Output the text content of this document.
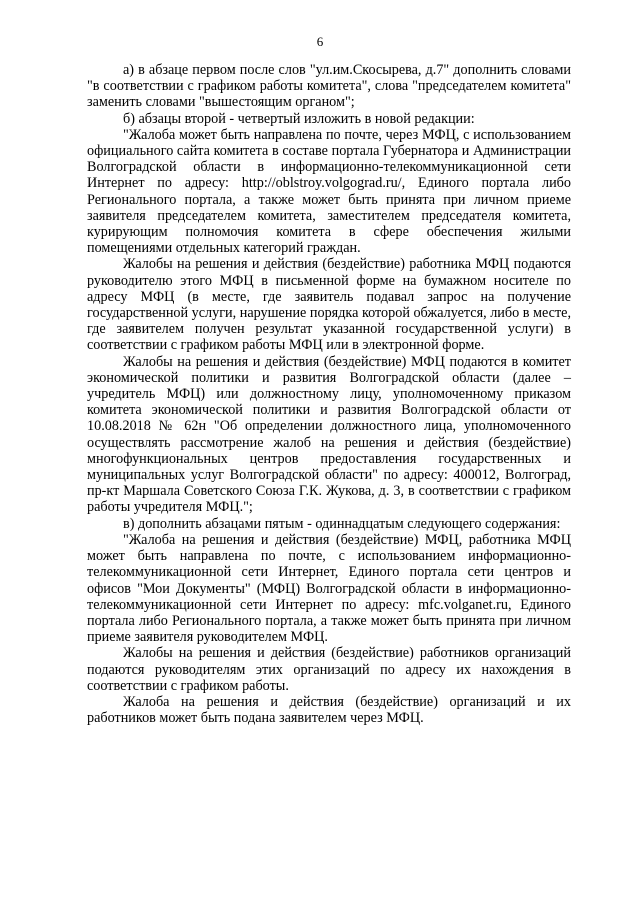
6

а) в абзаце первом после слов "ул.им.Скосырева, д.7" дополнить словами "в соответствии с графиком работы комитета", слова "председателем комитета" заменить словами "вышестоящим органом";

б) абзацы второй - четвертый изложить в новой редакции:

"Жалоба может быть направлена по почте, через МФЦ, с использованием официального сайта комитета в составе портала Губернатора и Администрации Волгоградской области в информационно-телекоммуникационной сети Интернет по адресу: http://oblstroy.volgograd.ru/, Единого портала либо Регионального портала, а также может быть принята при личном приеме заявителя председателем комитета, заместителем председателя комитета, курирующим полномочия комитета в сфере обеспечения жилыми помещениями отдельных категорий граждан.

Жалобы на решения и действия (бездействие) работника МФЦ подаются руководителю этого МФЦ в письменной форме на бумажном носителе по адресу МФЦ (в месте, где заявитель подавал запрос на получение государственной услуги, нарушение порядка которой обжалуется, либо в месте, где заявителем получен результат указанной государственной услуги) в соответствии с графиком работы МФЦ или в электронной форме.

Жалобы на решения и действия (бездействие) МФЦ подаются в комитет экономической политики и развития Волгоградской области (далее – учредитель МФЦ) или должностному лицу, уполномоченному приказом комитета экономической политики и развития Волгоградской области от 10.08.2018 № 62н "Об определении должностного лица, уполномоченного осуществлять рассмотрение жалоб на решения и действия (бездействие) многофункциональных центров предоставления государственных и муниципальных услуг Волгоградской области" по адресу: 400012, Волгоград, пр-кт Маршала Советского Союза Г.К. Жукова, д. 3, в соответствии с графиком работы учредителя МФЦ.";

в) дополнить абзацами пятым - одиннадцатым следующего содержания:

"Жалоба на решения и действия (бездействие) МФЦ, работника МФЦ может быть направлена по почте, с использованием информационно-телекоммуникационной сети Интернет, Единого портала сети центров и офисов "Мои Документы" (МФЦ) Волгоградской области в информационно-телекоммуникационной сети Интернет по адресу: mfc.volganet.ru, Единого портала либо Регионального портала, а также может быть принята при личном приеме заявителя руководителем МФЦ.

Жалобы на решения и действия (бездействие) работников организаций подаются руководителям этих организаций по адресу их нахождения в соответствии с графиком работы.

Жалоба на решения и действия (бездействие) организаций и их работников может быть подана заявителем через МФЦ.
